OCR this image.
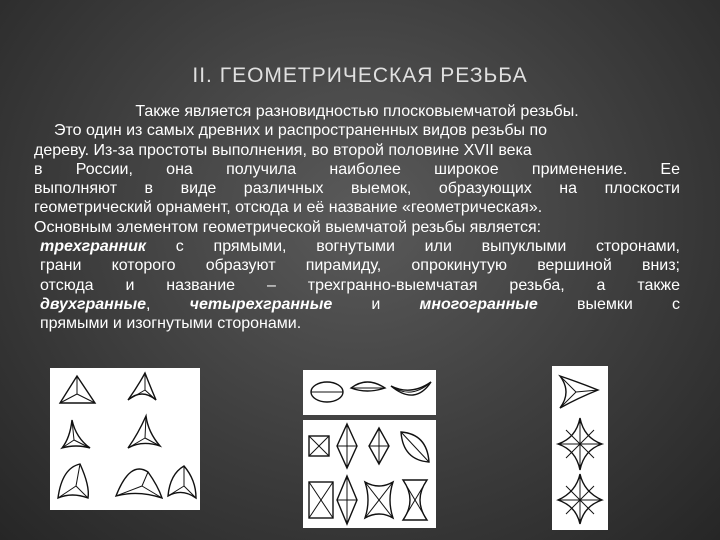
II. ГЕОМЕТРИЧЕСКАЯ РЕЗЬБА
Также является разновидностью плосковыемчатой резьбы.
Это один из самых древних и распространенных видов резьбы по
дереву. Из-за простоты выполнения, во второй половине XVII века
в России, она получила наиболее широкое применение. Ее
выполняют в виде различных выемок, образующих на плоскости
геометрический орнамент, отсюда и её название «геометрическая».
Основным элементом геометрической выемчатой резьбы является:
трехгранник с прямыми, вогнутыми или выпуклыми сторонами,
грани которого образуют пирамиду, опрокинутую вершиной вниз;
отсюда и название – трехгранно-выемчатая резьба, а также
двухгранные, четырехгранные и многогранные выемки с
прямыми и изогнутыми сторонами.
